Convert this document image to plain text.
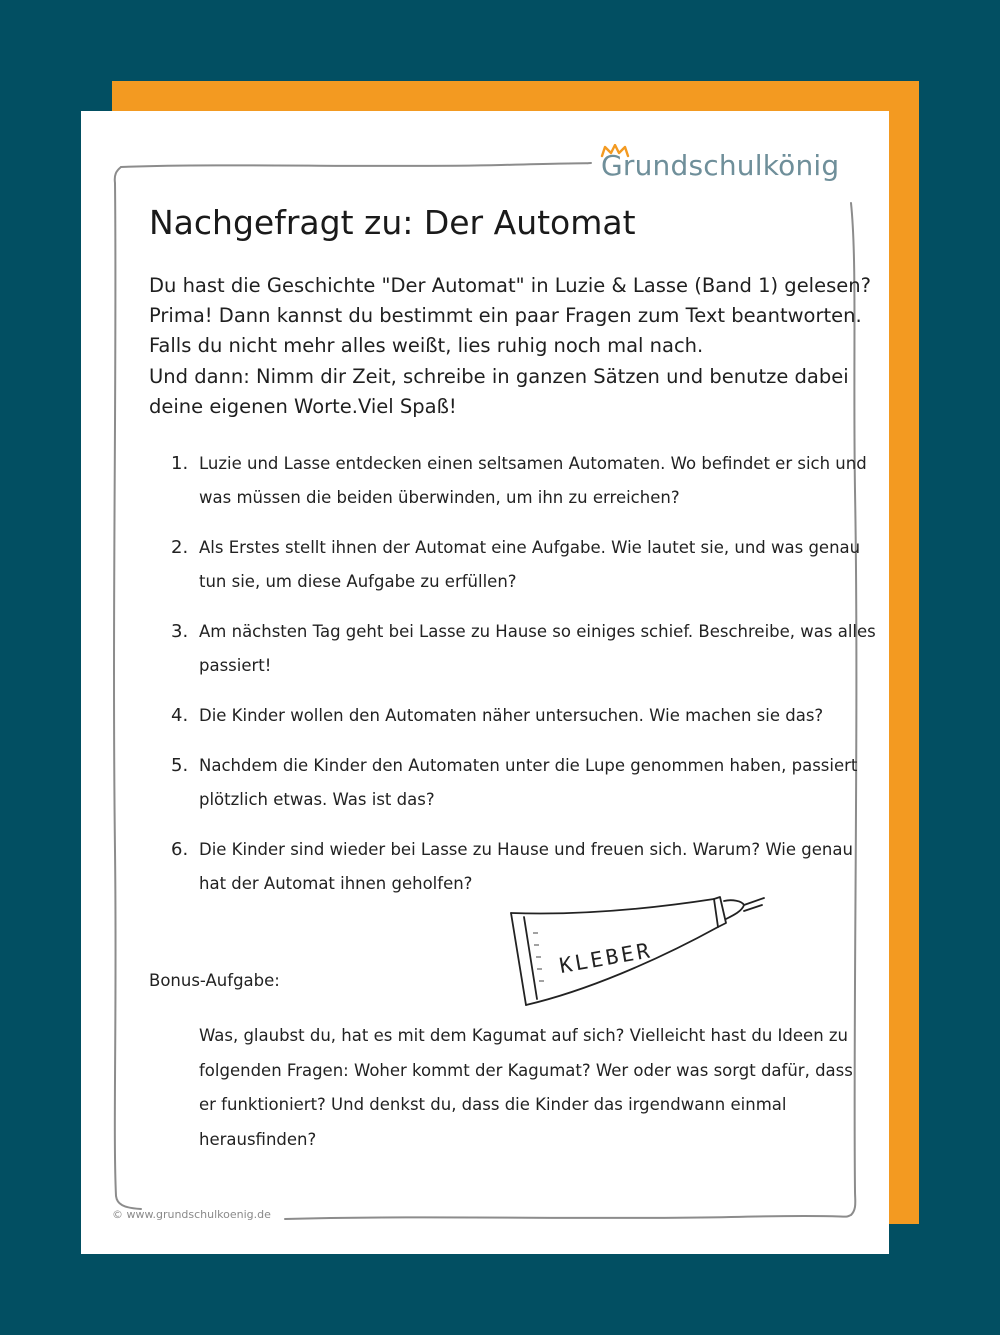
Grundschulkönig
Nachgefragt zu: Der Automat
Du hast die Geschichte "Der Automat" in Luzie & Lasse (Band 1) gelesen?
Prima! Dann kannst du bestimmt ein paar Fragen zum Text beantworten.
Falls du nicht mehr alles weißt, lies ruhig noch mal nach.
Und dann: Nimm dir Zeit, schreibe in ganzen Sätzen und benutze dabei
deine eigenen Worte.Viel Spaß!
1. Luzie und Lasse entdecken einen seltsamen Automaten. Wo befindet er sich und
was müssen die beiden überwinden, um ihn zu erreichen?
2. Als Erstes stellt ihnen der Automat eine Aufgabe. Wie lautet sie, und was genau
tun sie, um diese Aufgabe zu erfüllen?
3. Am nächsten Tag geht bei Lasse zu Hause so einiges schief. Beschreibe, was alles
passiert!
4. Die Kinder wollen den Automaten näher untersuchen. Wie machen sie das?
5. Nachdem die Kinder den Automaten unter die Lupe genommen haben, passiert
plötzlich etwas. Was ist das?
6. Die Kinder sind wieder bei Lasse zu Hause und freuen sich. Warum? Wie genau
hat der Automat ihnen geholfen?
KLEBER
Bonus-Aufgabe:
Was, glaubst du, hat es mit dem Kagumat auf sich? Vielleicht hast du Ideen zu
folgenden Fragen: Woher kommt der Kagumat? Wer oder was sorgt dafür, dass
er funktioniert? Und denkst du, dass die Kinder das irgendwann einmal
herausfinden?
© www.grundschulkoenig.de
